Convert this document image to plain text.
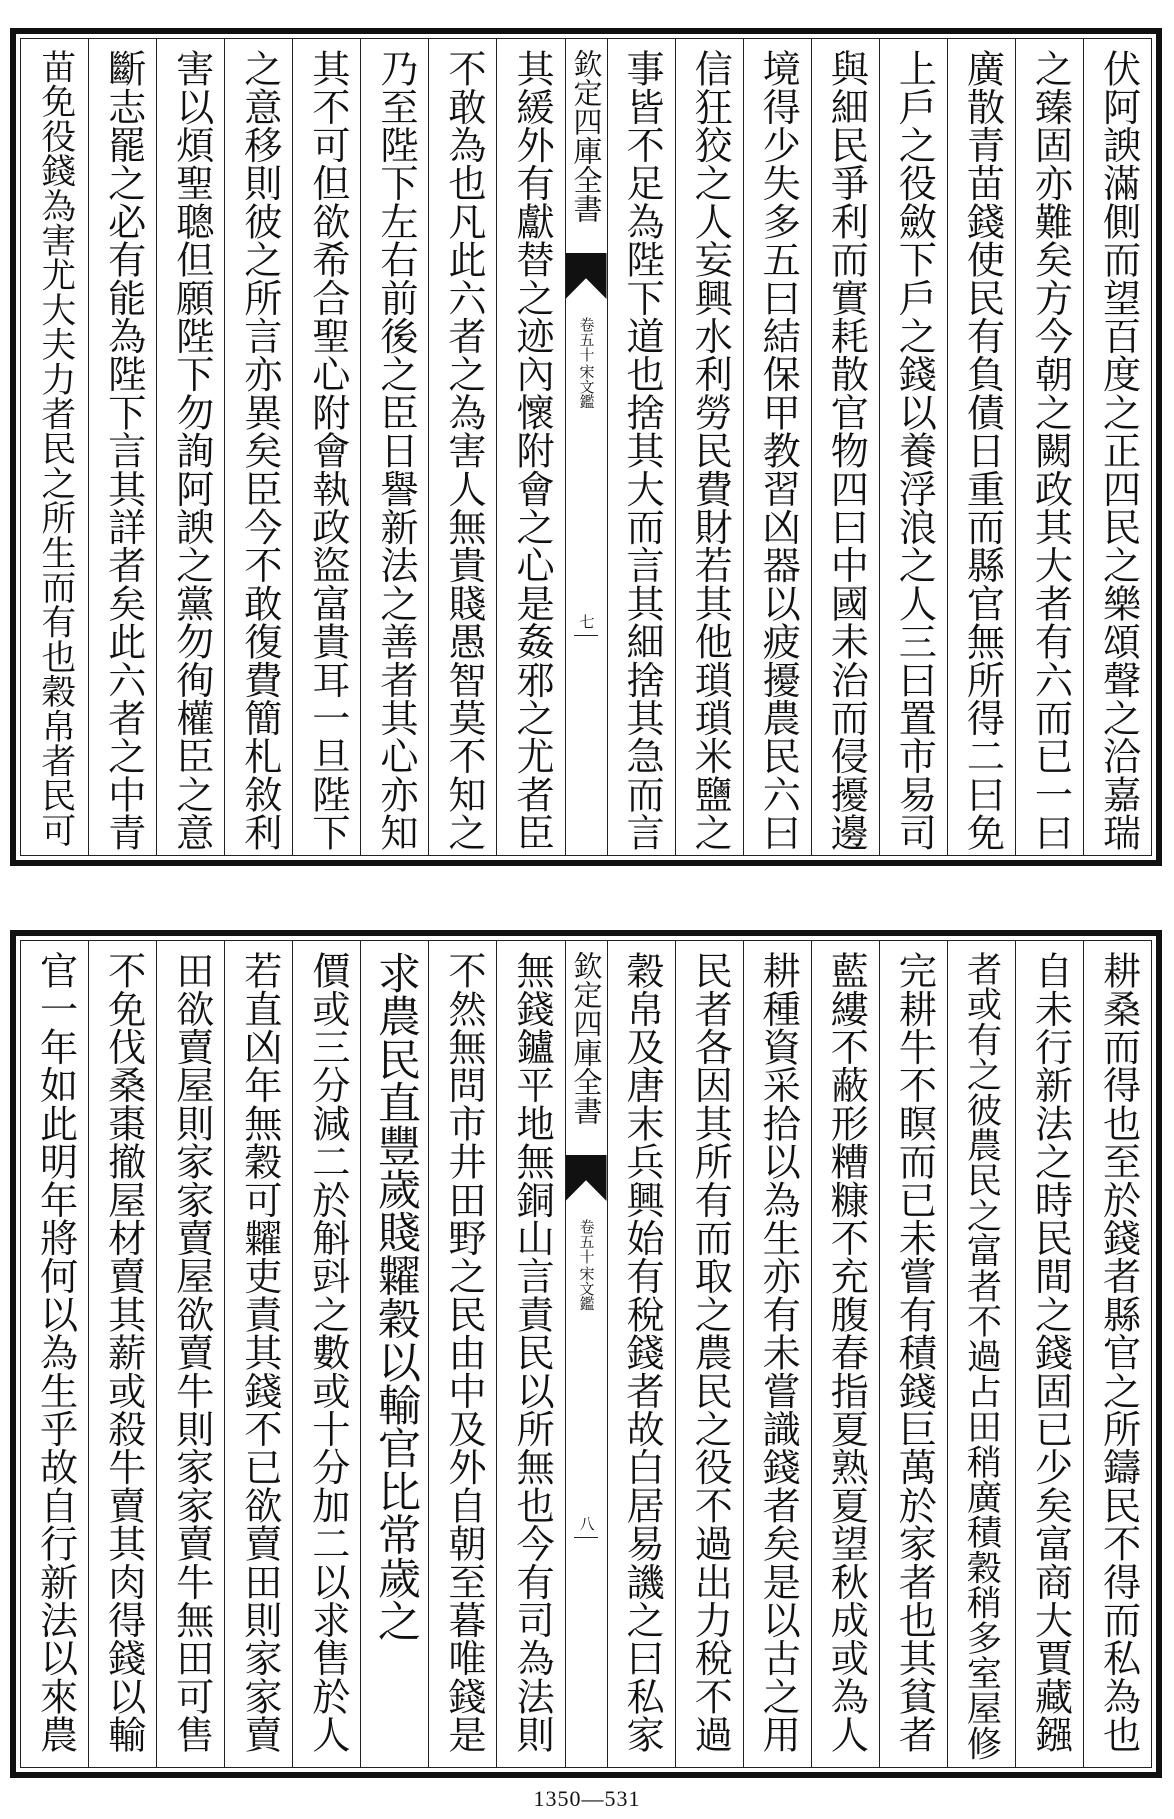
伏阿諛滿側而望百度之正四民之樂頌聲之洽嘉瑞
之臻固亦難矣方今朝之闕政其大者有六而已一曰
廣散青苗錢使民有負債日重而縣官無所得二曰免
上戶之役斂下戶之錢以養浮浪之人三曰置市易司
與細民爭利而實耗散官物四曰中國未治而侵擾邊
境得少失多五曰結保甲教習凶器以疲擾農民六曰
信狂狡之人妄興水利勞民費財若其他瑣瑣米鹽之
事皆不足為陛下道也捨其大而言其細捨其急而言
欽定四庫全書
宋文鑑
卷五十
七
其緩外有獻替之迹內懷附會之心是姦邪之尤者臣
不敢為也凡此六者之為害人無貴賤愚智莫不知之
乃至陛下左右前後之臣日譽新法之善者其心亦知
其不可但欲希合聖心附會執政盜富貴耳一旦陛下
之意移則彼之所言亦異矣臣今不敢復費簡札敘利
害以煩聖聰但願陛下勿詢阿諛之黨勿徇權臣之意
斷志罷之必有能為陛下言其詳者矣此六者之中青
苗免役錢為害尤大夫力者民之所生而有也穀帛者民可
耕桑而得也至於錢者縣官之所鑄民不得而私為也
自未行新法之時民間之錢固已少矣富商大賈藏鏹
者或有之彼農民之富者不過占田稍廣積穀稍多室屋修
完耕牛不瞑而已未嘗有積錢巨萬於家者也其貧者
藍縷不蔽形糟糠不充腹春指夏熟夏望秋成或為人
耕種資采拾以為生亦有未嘗識錢者矣是以古之用
民者各因其所有而取之農民之役不過出力稅不過
穀帛及唐末兵興始有稅錢者故白居易譏之曰私家
欽定四庫全書
宋文鑑
卷五十
八
無錢鑪平地無銅山言責民以所無也今有司為法則
不然無問市井田野之民由中及外自朝至暮唯錢是
求農民直豐歲賤糶穀以輸官比常歲之
價或三分減二於斛㪷之數或十分加二以求售於人
若直凶年無穀可糶吏責其錢不已欲賣田則家家賣
田欲賣屋則家家賣屋欲賣牛則家家賣牛無田可售
不免伐桑棗撤屋材賣其薪或殺牛賣其肉得錢以輸
官一年如此明年將何以為生乎故自行新法以來農
1350—531
